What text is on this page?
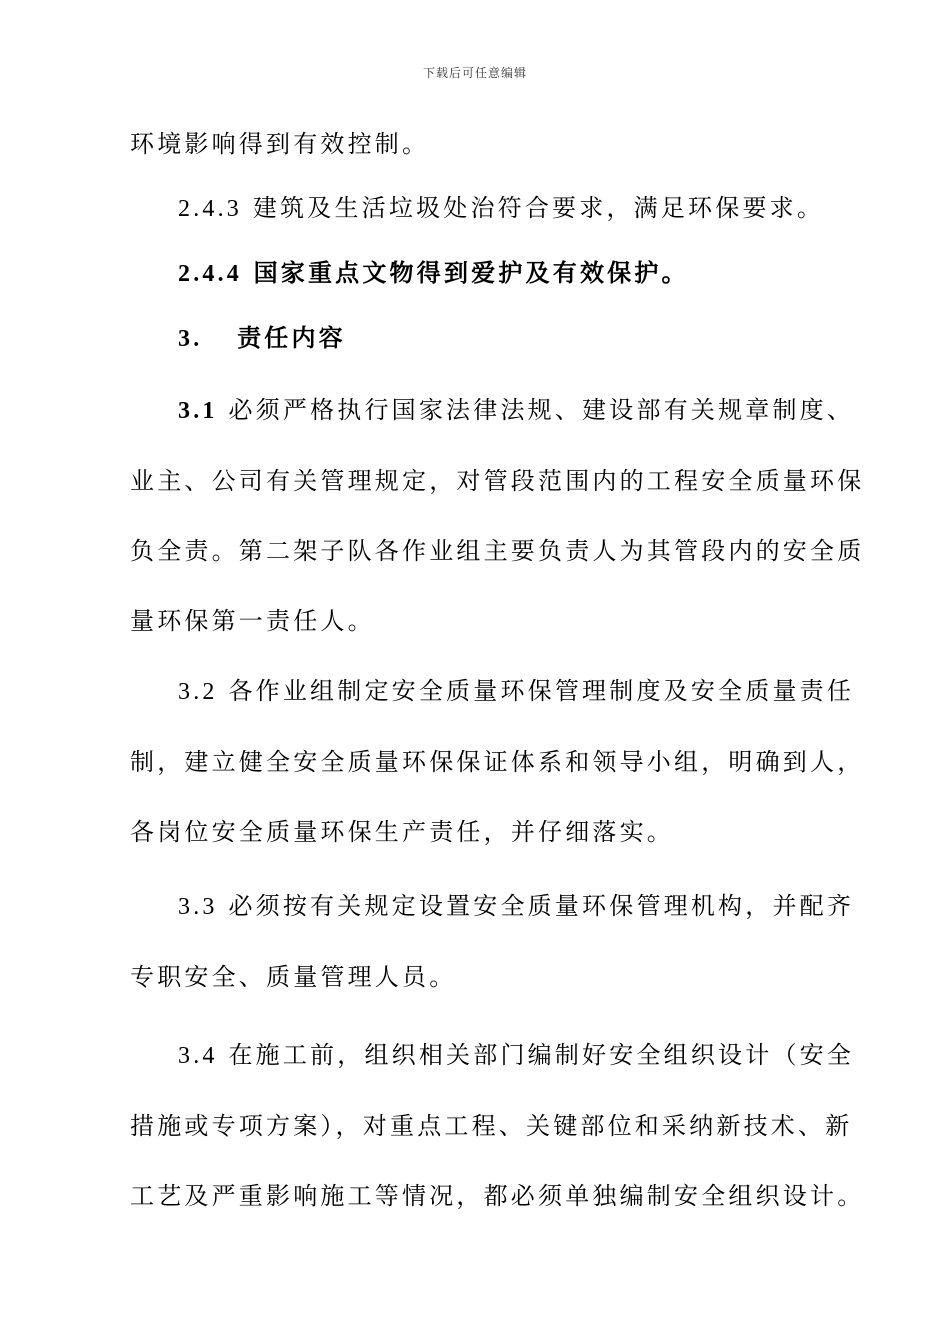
下载后可任意编辑

环境影响得到有效控制。

2.4.3 建筑及生活垃圾处治符合要求，满足环保要求。

2.4.4 国家重点文物得到爱护及有效保护。

3. 责任内容

3.1 必须严格执行国家法律法规、建设部有关规章制度、
业主、公司有关管理规定，对管段范围内的工程安全质量环保
负全责。第二架子队各作业组主要负责人为其管段内的安全质
量环保第一责任人。

3.2 各作业组制定安全质量环保管理制度及安全质量责任
制，建立健全安全质量环保保证体系和领导小组，明确到人，
各岗位安全质量环保生产责任，并仔细落实。

3.3 必须按有关规定设置安全质量环保管理机构，并配齐
专职安全、质量管理人员。

3.4 在施工前，组织相关部门编制好安全组织设计（安全
措施或专项方案），对重点工程、关键部位和采纳新技术、新
工艺及严重影响施工等情况，都必须单独编制安全组织设计。
